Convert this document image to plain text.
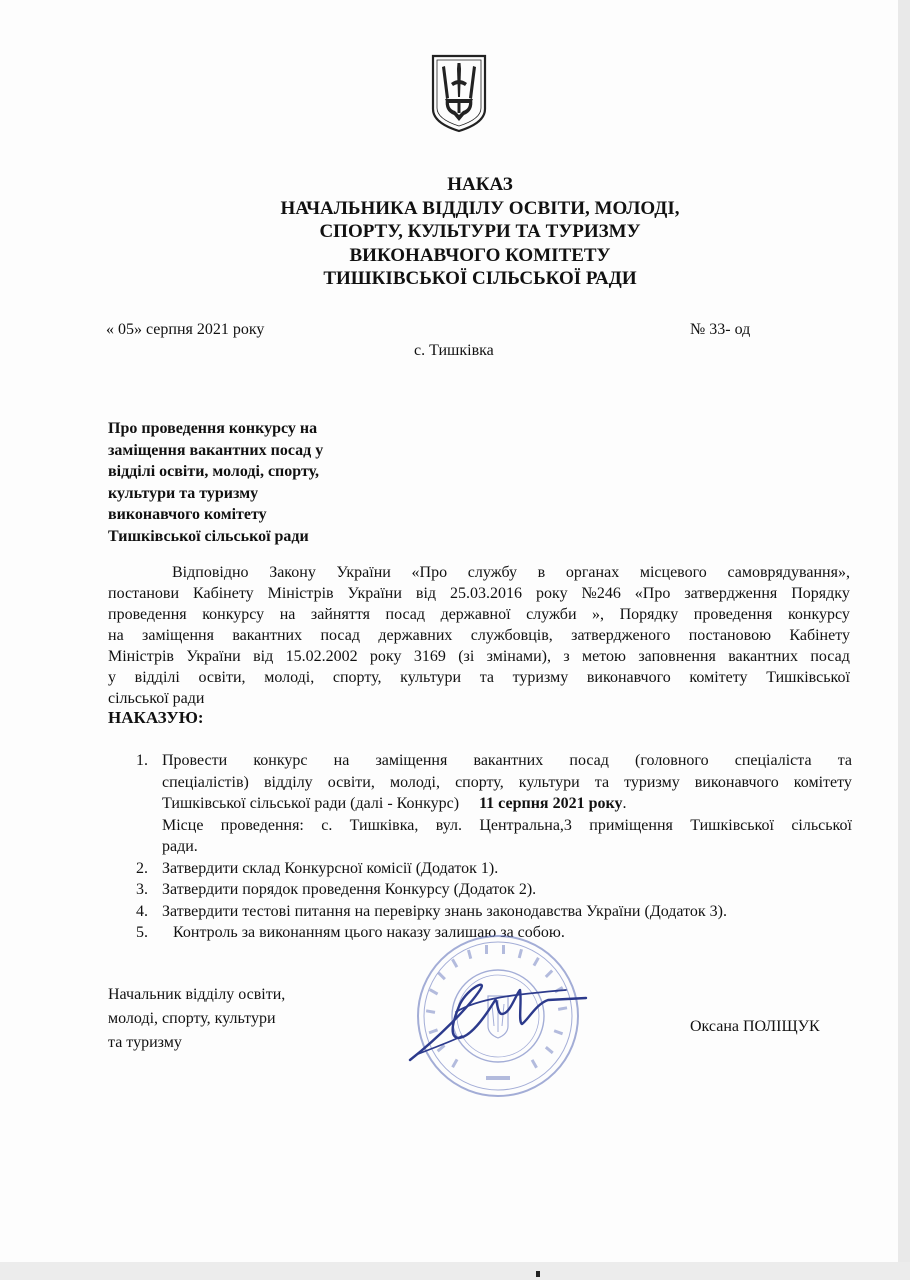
НАКАЗ
НАЧАЛЬНИКА ВІДДІЛУ ОСВІТИ, МОЛОДІ,
СПОРТУ, КУЛЬТУРИ ТА ТУРИЗМУ
ВИКОНАВЧОГО КОМІТЕТУ
ТИШКІВСЬКОЇ СІЛЬСЬКОЇ РАДИ
« 05» серпня 2021 року	№ 33- од
с. Тишківка
Про проведення конкурсу на
заміщення вакантних посад у
відділі освіти, молоді, спорту,
культури та туризму
виконавчого комітету
Тишківської сільської ради
Відповідно Закону України «Про службу в органах місцевого самоврядування»,
постанови Кабінету Міністрів України від 25.03.2016 року №246 «Про затвердження Порядку
проведення конкурсу на зайняття посад державної служби », Порядку проведення конкурсу
на заміщення вакантних посад державних службовців, затвердженого постановою Кабінету
Міністрів України від 15.02.2002 року 3169 (зі змінами), з метою заповнення вакантних посад
у відділі освіти, молоді, спорту, культури та туризму виконавчого комітету Тишківської
сільської ради
НАКАЗУЮ:
1. Провести конкурс на заміщення вакантних посад (головного спеціаліста та
спеціалістів) відділу освіти, молоді, спорту, культури та туризму виконавчого комітету
Тишківської сільської ради (далі - Конкурс) 11 серпня 2021 року.
Місце проведення: с. Тишківка, вул. Центральна,3 приміщення Тишківської сільської
ради.
2. Затвердити склад Конкурсної комісії (Додаток 1).
3. Затвердити порядок проведення Конкурсу (Додаток 2).
4. Затвердити тестові питання на перевірку знань законодавства України (Додаток 3).
5. Контроль за виконанням цього наказу залишаю за собою.
Начальник відділу освіти,
молоді, спорту, культури
та туризму
Оксана ПОЛІЩУК
